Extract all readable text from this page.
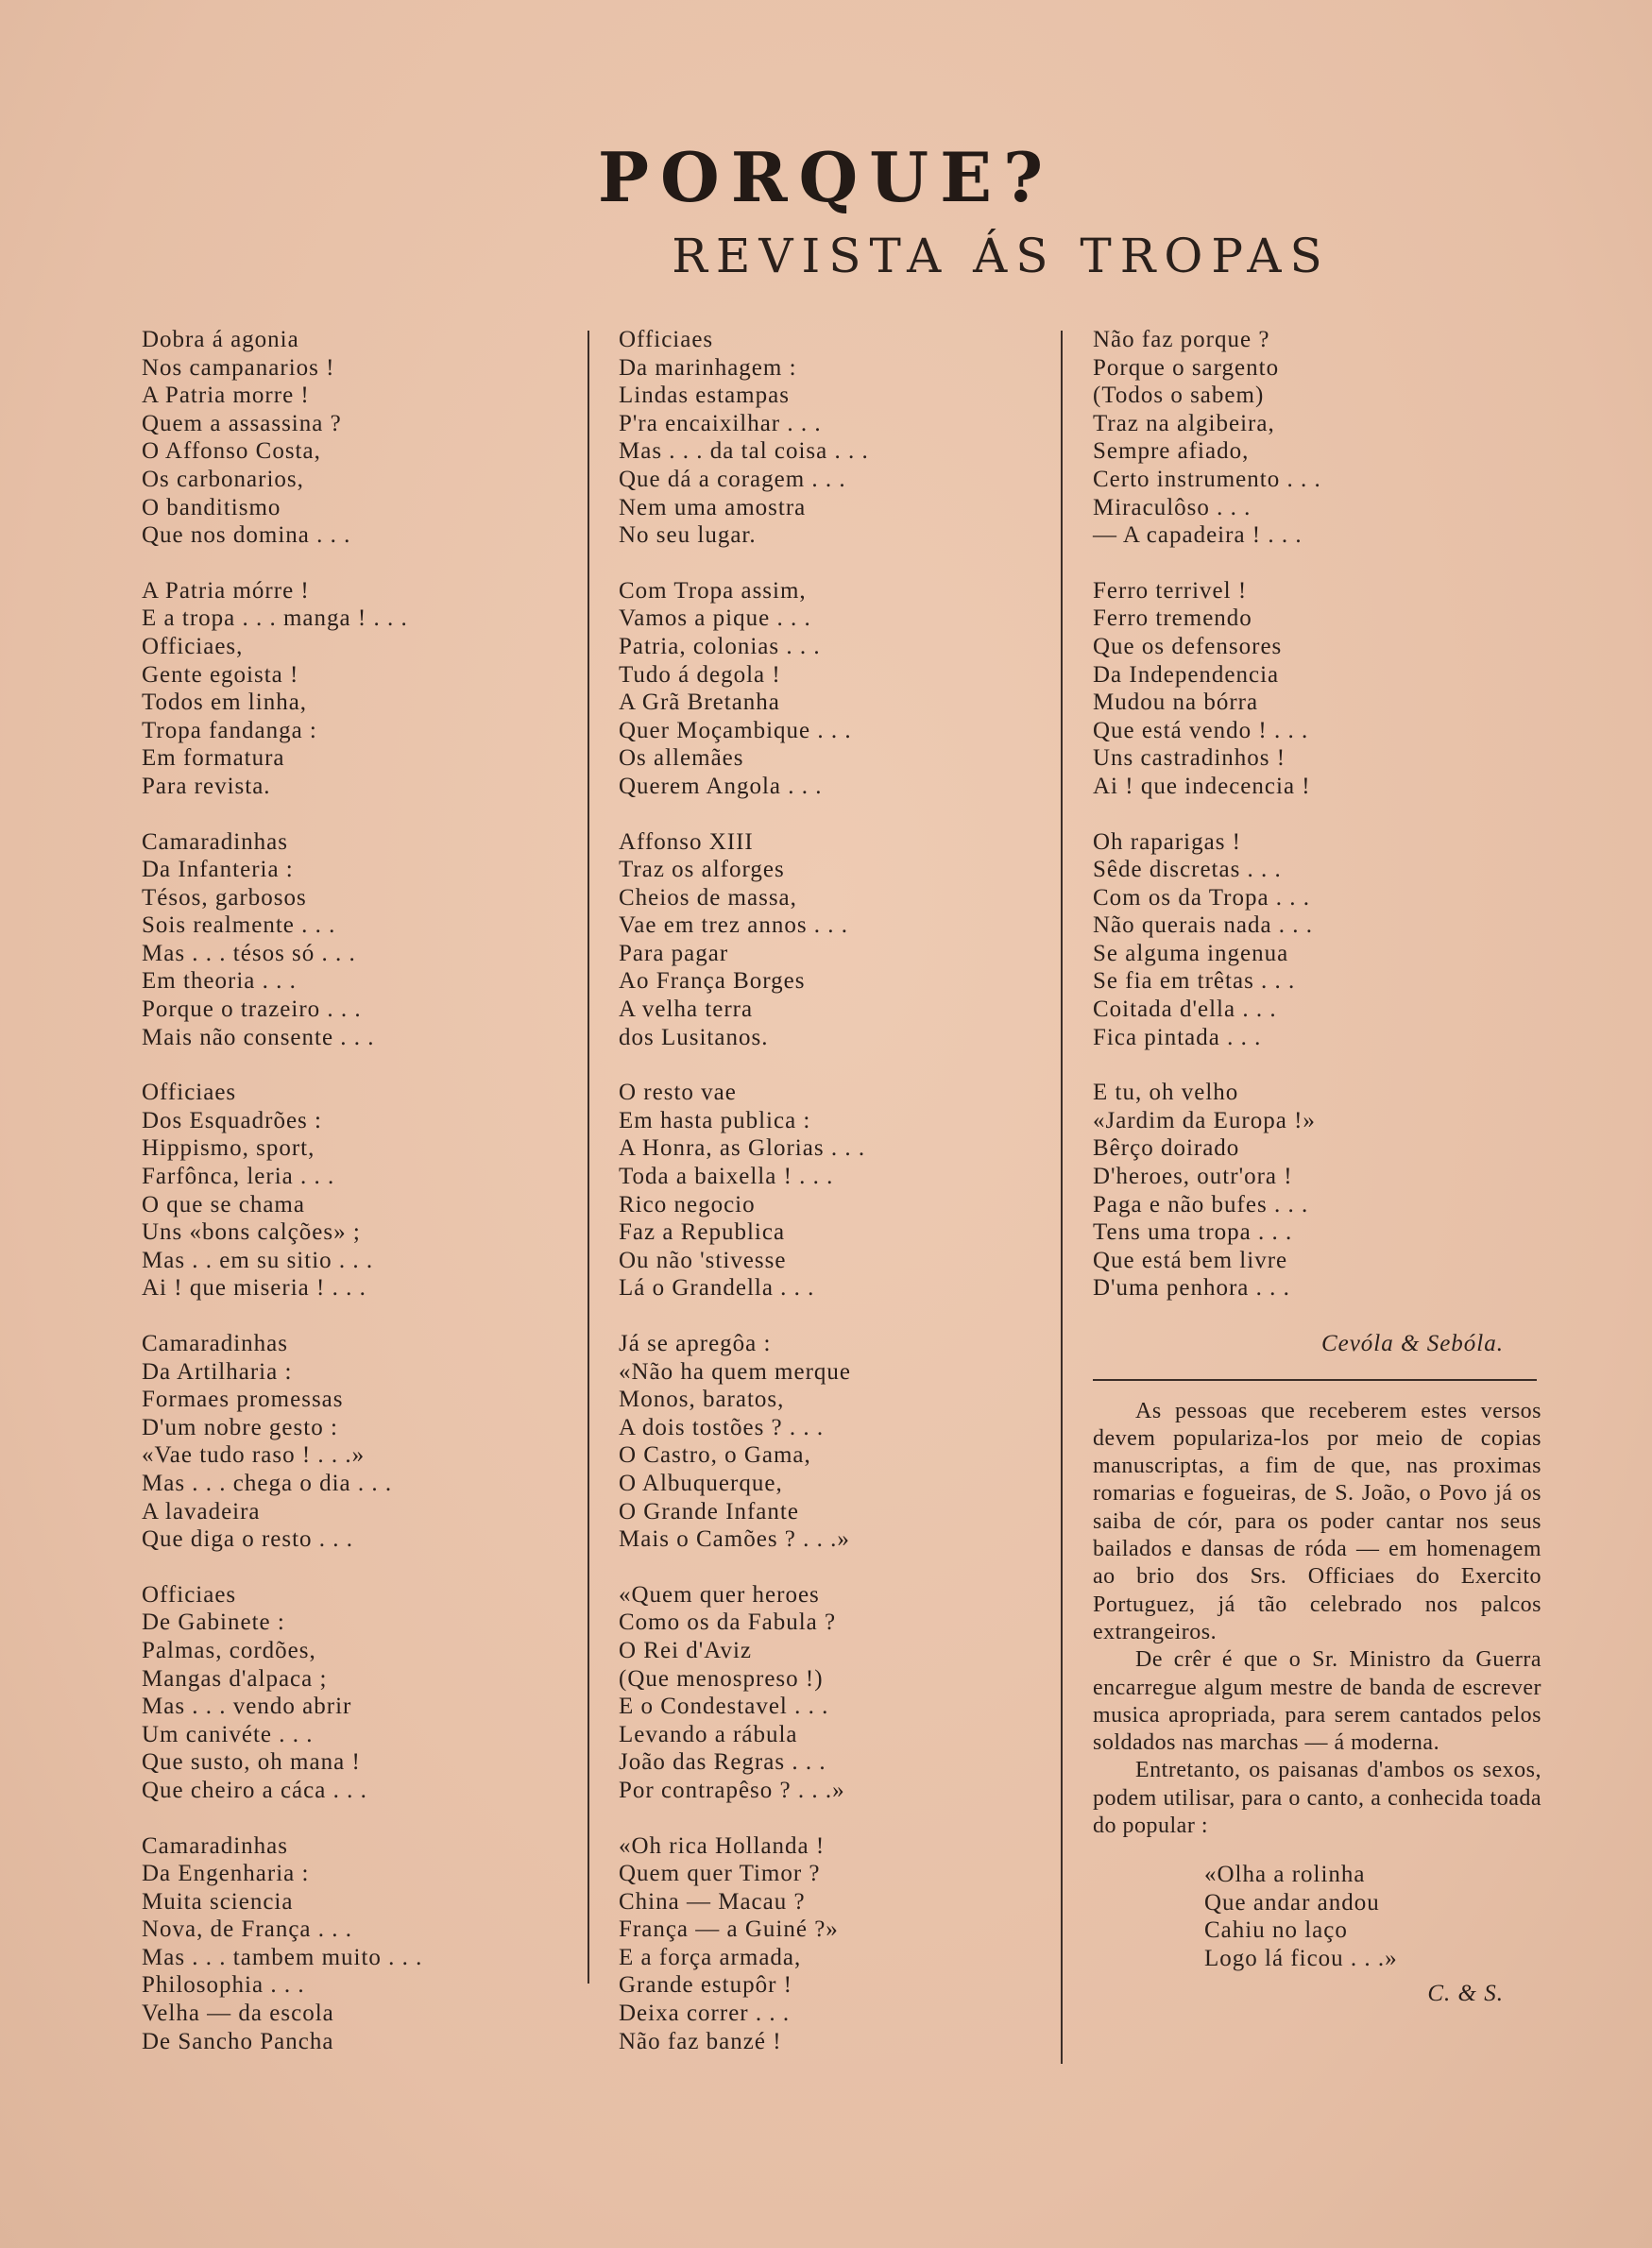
PORQUE?
REVISTA ÁS TROPAS
Dobra á agonia
Nos campanarios !
A Patria morre !
Quem a assassina ?
O Affonso Costa,
Os carbonarios,
O banditismo
Que nos domina . . .
A Patria mórre !
E a tropa . . . manga ! . . .
Officiaes,
Gente egoista !
Todos em linha,
Tropa fandanga :
Em formatura
Para revista.
Camaradinhas
Da Infanteria :
Tésos, garbosos
Sois realmente . . .
Mas . . . tésos só . . .
Em theoria . . .
Porque o trazeiro . . .
Mais não consente . . .
Officiaes
Dos Esquadrões :
Hippismo, sport,
Farfônca, leria . . .
O que se chama
Uns «bons calções» ;
Mas . . em su sitio . . .
Ai ! que miseria ! . . .
Camaradinhas
Da Artilharia :
Formaes promessas
D'um nobre gesto :
«Vae tudo raso ! . . .»
Mas . . . chega o dia . . .
A lavadeira
Que diga o resto . . .
Officiaes
De Gabinete :
Palmas, cordões,
Mangas d'alpaca ;
Mas . . . vendo abrir
Um canivéte . . .
Que susto, oh mana !
Que cheiro a cáca . . .
Camaradinhas
Da Engenharia :
Muita sciencia
Nova, de França . . .
Mas . . . tambem muito . . .
Philosophia . . .
Velha — da escola
De Sancho Pancha
Officiaes
Da marinhagem :
Lindas estampas
P'ra encaixilhar . . .
Mas . . . da tal coisa . . .
Que dá a coragem . . .
Nem uma amostra
No seu lugar.
Com Tropa assim,
Vamos a pique . . .
Patria, colonias . . .
Tudo á degola !
A Grã Bretanha
Quer Moçambique . . .
Os allemães
Querem Angola . . .
Affonso XIII
Traz os alforges
Cheios de massa,
Vae em trez annos . . .
Para pagar
Ao França Borges
A velha terra
dos Lusitanos.
O resto vae
Em hasta publica :
A Honra, as Glorias . . .
Toda a baixella ! . . .
Rico negocio
Faz a Republica
Ou não 'stivesse
Lá o Grandella . . .
Já se apregôa :
«Não ha quem merque
Monos, baratos,
A dois tostões ? . . .
O Castro, o Gama,
O Albuquerque,
O Grande Infante
Mais o Camões ? . . .»
«Quem quer heroes
Como os da Fabula ?
O Rei d'Aviz
(Que menospreso !)
E o Condestavel . . .
Levando a rábula
João das Regras . . .
Por contrapêso ? . . .»
«Oh rica Hollanda !
Quem quer Timor ?
China — Macau ?
França — a Guiné ?»
E a força armada,
Grande estupôr !
Deixa correr . . .
Não faz banzé !
Não faz porque ?
Porque o sargento
(Todos o sabem)
Traz na algibeira,
Sempre afiado,
Certo instrumento . . .
Miraculôso . . .
— A capadeira ! . . .
Ferro terrivel !
Ferro tremendo
Que os defensores
Da Independencia
Mudou na bórra
Que está vendo ! . . .
Uns castradinhos !
Ai ! que indecencia !
Oh raparigas !
Sêde discretas . . .
Com os da Tropa . . .
Não querais nada . . .
Se alguma ingenua
Se fia em trêtas . . .
Coitada d'ella . . .
Fica pintada . . .
E tu, oh velho
«Jardim da Europa !»
Bêrço doirado
D'heroes, outr'ora !
Paga e não bufes . . .
Tens uma tropa . . .
Que está bem livre
D'uma penhora . . .
Cevóla & Sebóla.

As pessoas que receberem estes versos devem populariza-los por meio de copias manuscriptas, a fim de que, nas proximas romarias e fogueiras, de S. João, o Povo já os saiba de cór, para os poder cantar nos seus bailados e dansas de róda — em homenagem ao brio dos Srs. Officiaes do Exercito Portuguez, já tão celebrado nos palcos extrangeiros.

De crêr é que o Sr. Ministro da Guerra encarregue algum mestre de banda de escrever musica apropriada, para serem cantados pelos soldados nas marchas — á moderna.

Entretanto, os paisanas d'ambos os sexos, podem utilisar, para o canto, a conhecida toada do popular :

«Olha a rolinha
Que andar andou
Cahiu no laço
Logo lá ficou . . .»
C. & S.
